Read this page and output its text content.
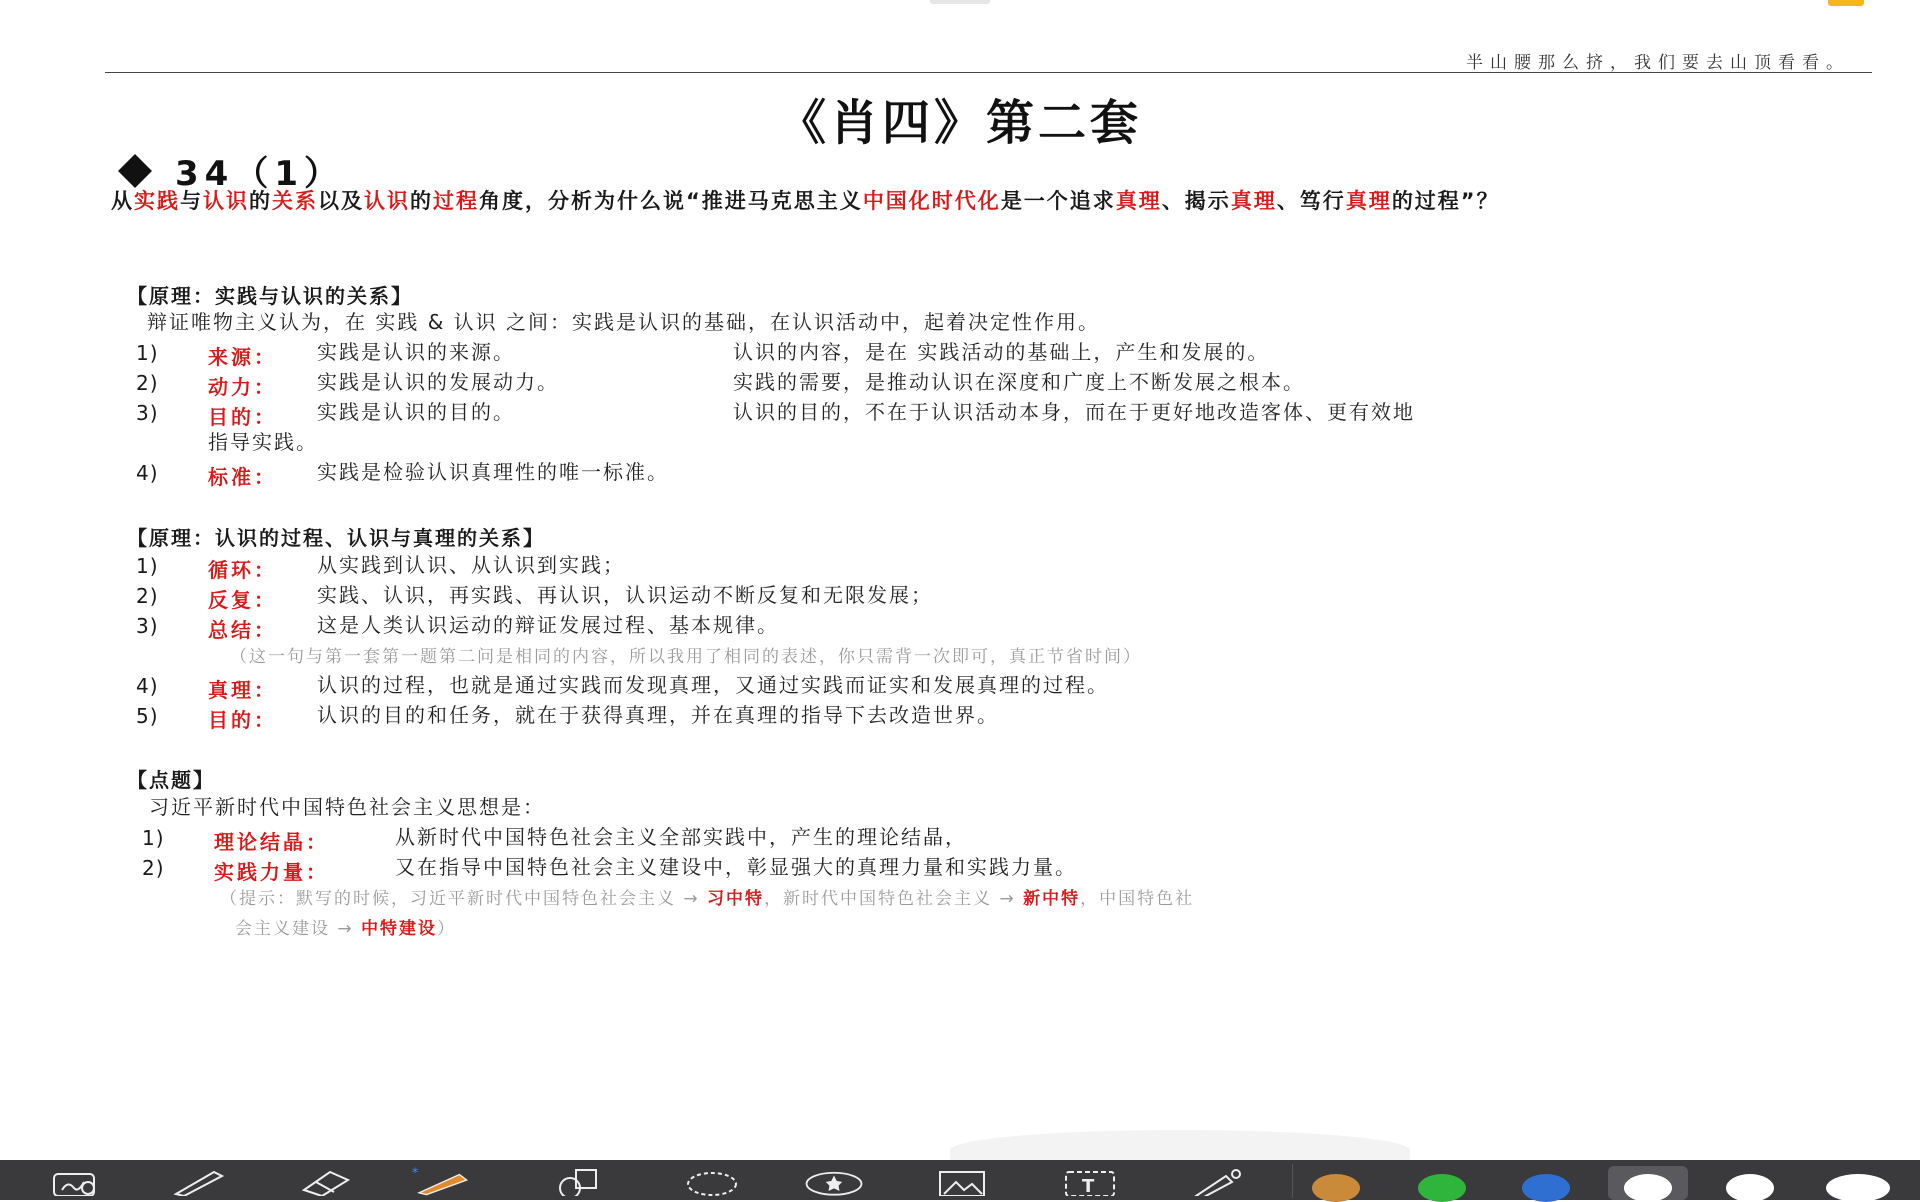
半山腰那么挤，我们要去山顶看看。
《肖四》第二套
34（1）
从实践与认识的关系以及认识的过程角度，分析为什么说“推进马克思主义中国化时代化是一个追求真理、揭示真理、笃行真理的过程”？
【原理：实践与认识的关系】
辩证唯物主义认为，在 实践 & 认识 之间：实践是认识的基础，在认识活动中，起着决定性作用。
1) 来源： 实践是认识的来源。	认识的内容，是在 实践活动的基础上，产生和发展的。
2) 动力： 实践是认识的发展动力。	实践的需要，是推动认识在深度和广度上不断发展之根本。
3) 目的： 实践是认识的目的。	认识的目的，不在于认识活动本身，而在于更好地改造客体、更有效地
指导实践。
4) 标准： 实践是检验认识真理性的唯一标准。
【原理：认识的过程、认识与真理的关系】
1) 循环： 从实践到认识、从认识到实践；
2) 反复： 实践、认识，再实践、再认识，认识运动不断反复和无限发展；
3) 总结： 这是人类认识运动的辩证发展过程、基本规律。
4) 真理： 认识的过程，也就是通过实践而发现真理，又通过实践而证实和发展真理的过程。
5) 目的： 认识的目的和任务，就在于获得真理，并在真理的指导下去改造世界。
（这一句与第一套第一题第二问是相同的内容，所以我用了相同的表述，你只需背一次即可，真正节省时间）
【点题】
习近平新时代中国特色社会主义思想是：
1) 理论结晶：	从新时代中国特色社会主义全部实践中，产生的理论结晶，
2) 实践力量：	又在指导中国特色社会主义建设中，彰显强大的真理力量和实践力量。
（提示：默写的时候，习近平新时代中国特色社会主义 → 习中特，新时代中国特色社会主义 → 新中特，中国特色社
会主义建设 → 中特建设）
*
T
